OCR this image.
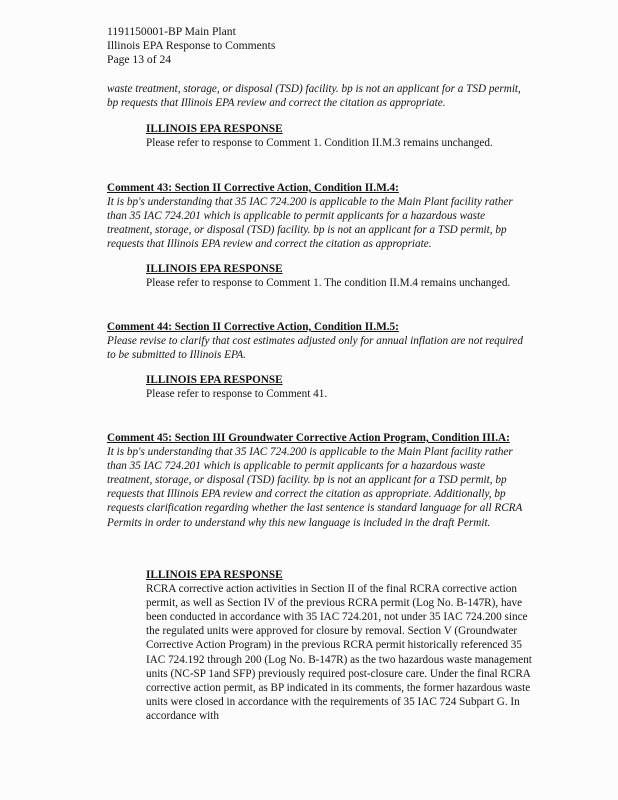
1191150001-BP Main Plant
Illinois EPA Response to Comments
Page 13 of 24
waste treatment, storage, or disposal (TSD) facility. bp is not an applicant for a TSD permit, bp requests that Illinois EPA review and correct the citation as appropriate.
ILLINOIS EPA RESPONSE
Please refer to response to Comment 1. Condition II.M.3 remains unchanged.
Comment 43: Section II Corrective Action, Condition II.M.4:
It is bp's understanding that 35 IAC 724.200 is applicable to the Main Plant facility rather than 35 IAC 724.201 which is applicable to permit applicants for a hazardous waste treatment, storage, or disposal (TSD) facility. bp is not an applicant for a TSD permit, bp requests that Illinois EPA review and correct the citation as appropriate.
ILLINOIS EPA RESPONSE
Please refer to response to Comment 1. The condition II.M.4 remains unchanged.
Comment 44: Section II Corrective Action, Condition II.M.5:
Please revise to clarify that cost estimates adjusted only for annual inflation are not required to be submitted to Illinois EPA.
ILLINOIS EPA RESPONSE
Please refer to response to Comment 41.
Comment 45: Section III Groundwater Corrective Action Program, Condition III.A:
It is bp's understanding that 35 IAC 724.200 is applicable to the Main Plant facility rather than 35 IAC 724.201 which is applicable to permit applicants for a hazardous waste treatment, storage, or disposal (TSD) facility. bp is not an applicant for a TSD permit, bp requests that Illinois EPA review and correct the citation as appropriate. Additionally, bp requests clarification regarding whether the last sentence is standard language for all RCRA Permits in order to understand why this new language is included in the draft Permit.
ILLINOIS EPA RESPONSE
RCRA corrective action activities in Section II of the final RCRA corrective action permit, as well as Section IV of the previous RCRA permit (Log No. B-147R), have been conducted in accordance with 35 IAC 724.201, not under 35 IAC 724.200 since the regulated units were approved for closure by removal. Section V (Groundwater Corrective Action Program) in the previous RCRA permit historically referenced 35 IAC 724.192 through 200 (Log No. B-147R) as the two hazardous waste management units (NC-SP 1and SFP) previously required post-closure care. Under the final RCRA corrective action permit, as BP indicated in its comments, the former hazardous waste units were closed in accordance with the requirements of 35 IAC 724 Subpart G. In accordance with
